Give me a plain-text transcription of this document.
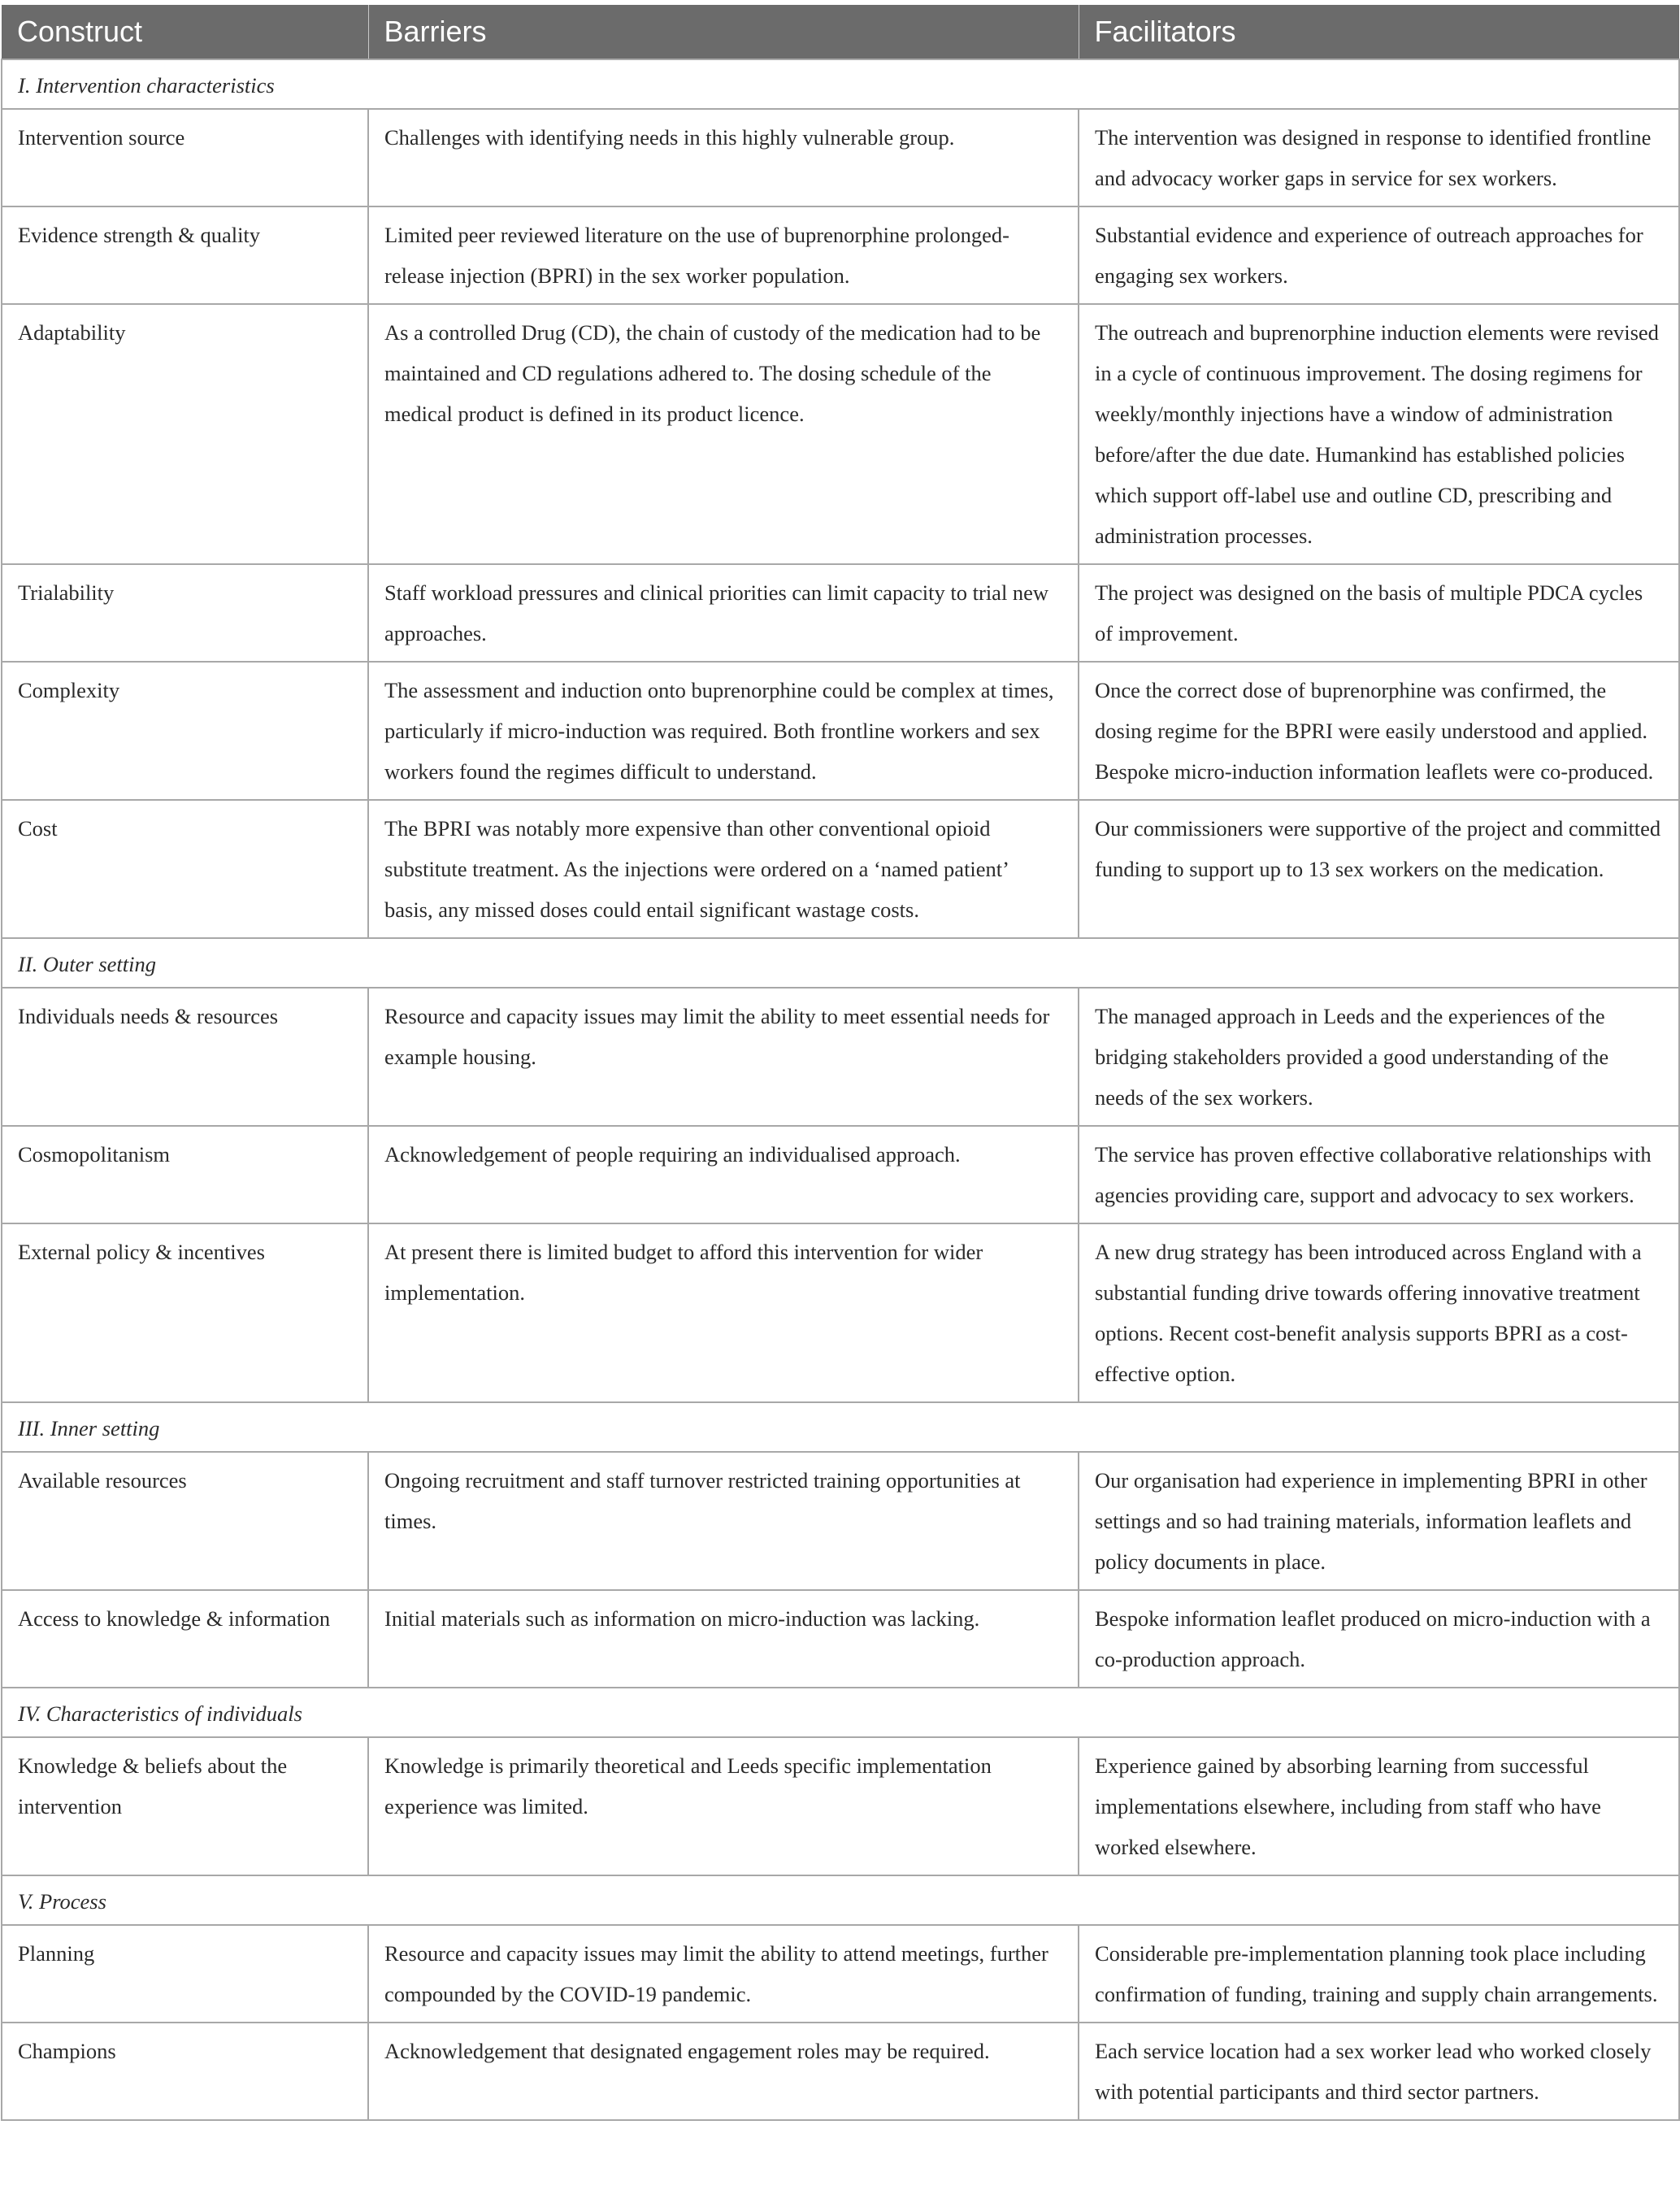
Construct	Barriers	Facilitators
I. Intervention characteristics		
Intervention source	Challenges with identifying needs in this highly vulnerable group.	The intervention was designed in response to identified frontline and advocacy worker gaps in service for sex workers.
Evidence strength & quality	Limited peer reviewed literature on the use of buprenorphine prolonged-release injection (BPRI) in the sex worker population.	Substantial evidence and experience of outreach approaches for engaging sex workers.
Adaptability	As a controlled Drug (CD), the chain of custody of the medication had to be maintained and CD regulations adhered to. The dosing schedule of the medical product is defined in its product licence.	The outreach and buprenorphine induction elements were revised in a cycle of continuous improvement. The dosing regimens for weekly/monthly injections have a window of administration before/after the due date. Humankind has established policies which support off-label use and outline CD, prescribing and administration processes.
Trialability	Staff workload pressures and clinical priorities can limit capacity to trial new approaches.	The project was designed on the basis of multiple PDCA cycles of improvement.
Complexity	The assessment and induction onto buprenorphine could be complex at times, particularly if micro-induction was required. Both frontline workers and sex workers found the regimes difficult to understand.	Once the correct dose of buprenorphine was confirmed, the dosing regime for the BPRI were easily understood and applied. Bespoke micro-induction information leaflets were co-produced.
Cost	The BPRI was notably more expensive than other conventional opioid substitute treatment. As the injections were ordered on a ‘named patient’ basis, any missed doses could entail significant wastage costs.	Our commissioners were supportive of the project and committed funding to support up to 13 sex workers on the medication.
II. Outer setting		
Individuals needs & resources	Resource and capacity issues may limit the ability to meet essential needs for example housing.	The managed approach in Leeds and the experiences of the bridging stakeholders provided a good understanding of the needs of the sex workers.
Cosmopolitanism	Acknowledgement of people requiring an individualised approach.	The service has proven effective collaborative relationships with agencies providing care, support and advocacy to sex workers.
External policy & incentives	At present there is limited budget to afford this intervention for wider implementation.	A new drug strategy has been introduced across England with a substantial funding drive towards offering innovative treatment options. Recent cost-benefit analysis supports BPRI as a cost-effective option.
III. Inner setting		
Available resources	Ongoing recruitment and staff turnover restricted training opportunities at times.	Our organisation had experience in implementing BPRI in other settings and so had training materials, information leaflets and policy documents in place.
Access to knowledge & information	Initial materials such as information on micro-induction was lacking.	Bespoke information leaflet produced on micro-induction with a co-production approach.
IV. Characteristics of individuals		
Knowledge & beliefs about the intervention	Knowledge is primarily theoretical and Leeds specific implementation experience was limited.	Experience gained by absorbing learning from successful implementations elsewhere, including from staff who have worked elsewhere.
V. Process		
Planning	Resource and capacity issues may limit the ability to attend meetings, further compounded by the COVID-19 pandemic.	Considerable pre-implementation planning took place including confirmation of funding, training and supply chain arrangements.
Champions	Acknowledgement that designated engagement roles may be required.	Each service location had a sex worker lead who worked closely with potential participants and third sector partners.
